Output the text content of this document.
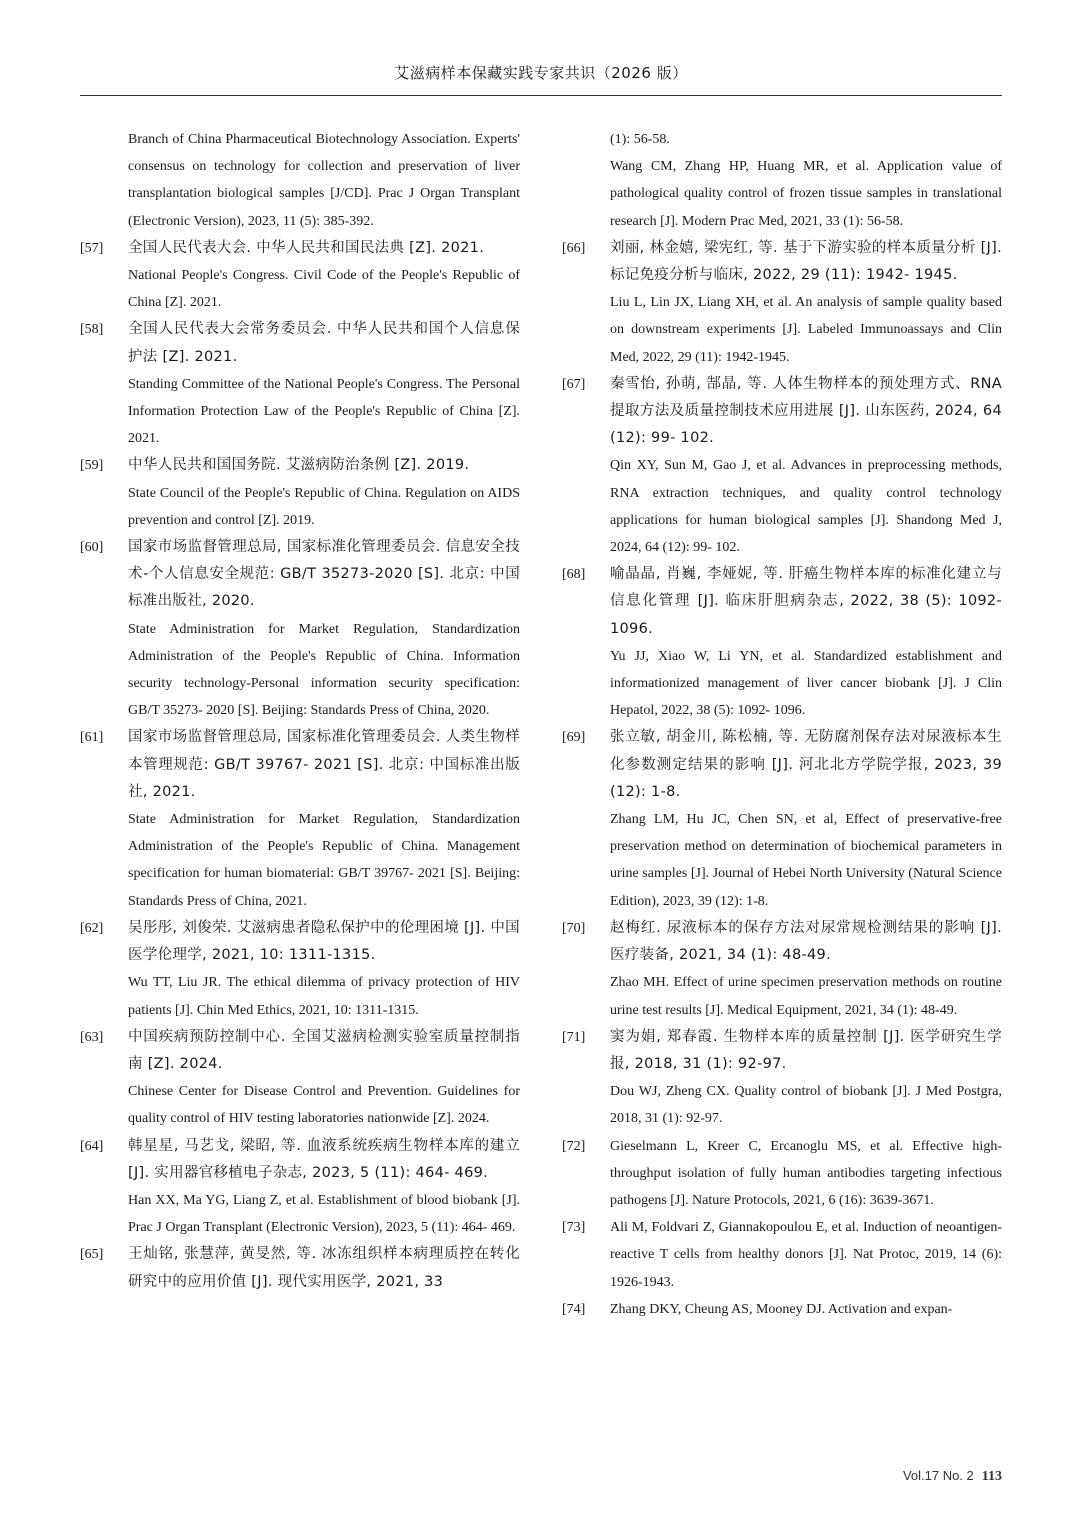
艾滋病样本保藏实践专家共识（2026 版）
Branch of China Pharmaceutical Biotechnology Association. Experts' consensus on technology for collection and preservation of liver transplantation biological samples [J/CD]. Prac J Organ Transplant (Electronic Version), 2023, 11 (5): 385-392.
[57]	全国人民代表大会. 中华人民共和国民法典 [Z]. 2021.
National People's Congress. Civil Code of the People's Republic of China [Z]. 2021.
[58]	全国人民代表大会常务委员会. 中华人民共和国个人信息保护法 [Z]. 2021.
Standing Committee of the National People's Congress. The Personal Information Protection Law of the People's Republic of China [Z]. 2021.
[59]	中华人民共和国国务院. 艾滋病防治条例 [Z]. 2019.
State Council of the People's Republic of China. Regulation on AIDS prevention and control [Z]. 2019.
[60]	国家市场监督管理总局, 国家标准化管理委员会. 信息安全技术-个人信息安全规范: GB/T 35273-2020 [S]. 北京: 中国标准出版社, 2020.
State Administration for Market Regulation, Standardization Administration of the People's Republic of China. Information security technology-Personal information security specification: GB/T 35273- 2020 [S]. Beijing: Standards Press of China, 2020.
[61]	国家市场监督管理总局, 国家标准化管理委员会. 人类生物样本管理规范: GB/T 39767- 2021 [S]. 北京: 中国标准出版社, 2021.
State Administration for Market Regulation, Standardization Administration of the People's Republic of China. Management specification for human biomaterial: GB/T 39767- 2021 [S]. Beijing: Standards Press of China, 2021.
[62]	吴彤彤, 刘俊荣. 艾滋病患者隐私保护中的伦理困境 [J]. 中国医学伦理学, 2021, 10: 1311-1315.
Wu TT, Liu JR. The ethical dilemma of privacy protection of HIV patients [J]. Chin Med Ethics, 2021, 10: 1311-1315.
[63]	中国疾病预防控制中心. 全国艾滋病检测实验室质量控制指南 [Z]. 2024.
Chinese Center for Disease Control and Prevention. Guidelines for quality control of HIV testing laboratories nationwide [Z]. 2024.
[64]	韩星星, 马艺戈, 梁昭, 等. 血液系统疾病生物样本库的建立 [J]. 实用器官移植电子杂志, 2023, 5 (11): 464- 469.
Han XX, Ma YG, Liang Z, et al. Establishment of blood biobank [J]. Prac J Organ Transplant (Electronic Version), 2023, 5 (11): 464- 469.
[65]	王灿铭, 张慧萍, 黄旻然, 等. 冰冻组织样本病理质控在转化研究中的应用价值 [J]. 现代实用医学, 2021, 33
(1): 56-58.
Wang CM, Zhang HP, Huang MR, et al. Application value of pathological quality control of frozen tissue samples in translational research [J]. Modern Prac Med, 2021, 33 (1): 56-58.
[66]	刘丽, 林金嬉, 梁宪红, 等. 基于下游实验的样本质量分析 [J]. 标记免疫分析与临床, 2022, 29 (11): 1942- 1945.
Liu L, Lin JX, Liang XH, et al. An analysis of sample quality based on downstream experiments [J]. Labeled Immunoassays and Clin Med, 2022, 29 (11): 1942-1945.
[67]	秦雪怡, 孙萌, 郜晶, 等. 人体生物样本的预处理方式、RNA 提取方法及质量控制技术应用进展 [J]. 山东医药, 2024, 64 (12): 99- 102.
Qin XY, Sun M, Gao J, et al. Advances in preprocessing methods, RNA extraction techniques, and quality control technology applications for human biological samples [J]. Shandong Med J, 2024, 64 (12): 99- 102.
[68]	喻晶晶, 肖巍, 李娅妮, 等. 肝癌生物样本库的标准化建立与信息化管理 [J]. 临床肝胆病杂志, 2022, 38 (5): 1092- 1096.
Yu JJ, Xiao W, Li YN, et al. Standardized establishment and informationized management of liver cancer biobank [J]. J Clin Hepatol, 2022, 38 (5): 1092- 1096.
[69]	张立敏, 胡金川, 陈松楠, 等. 无防腐剂保存法对尿液标本生化参数测定结果的影响 [J]. 河北北方学院学报, 2023, 39 (12): 1-8.
Zhang LM, Hu JC, Chen SN, et al, Effect of preservative-free preservation method on determination of biochemical parameters in urine samples [J]. Journal of Hebei North University (Natural Science Edition), 2023, 39 (12): 1-8.
[70]	赵梅红. 尿液标本的保存方法对尿常规检测结果的影响 [J]. 医疗装备, 2021, 34 (1): 48-49.
Zhao MH. Effect of urine specimen preservation methods on routine urine test results [J]. Medical Equipment, 2021, 34 (1): 48-49.
[71]	窦为娟, 郑春霞. 生物样本库的质量控制 [J]. 医学研究生学报, 2018, 31 (1): 92-97.
Dou WJ, Zheng CX. Quality control of biobank [J]. J Med Postgra, 2018, 31 (1): 92-97.
[72]	Gieselmann L, Kreer C, Ercanoglu MS, et al. Effective high-throughput isolation of fully human antibodies targeting infectious pathogens [J]. Nature Protocols, 2021, 6 (16): 3639-3671.
[73]	Ali M, Foldvari Z, Giannakopoulou E, et al. Induction of neoantigen- reactive T cells from healthy donors [J]. Nat Protoc, 2019, 14 (6): 1926-1943.
[74]	Zhang DKY, Cheung AS, Mooney DJ. Activation and expan-
Vol.17 No. 2 113
